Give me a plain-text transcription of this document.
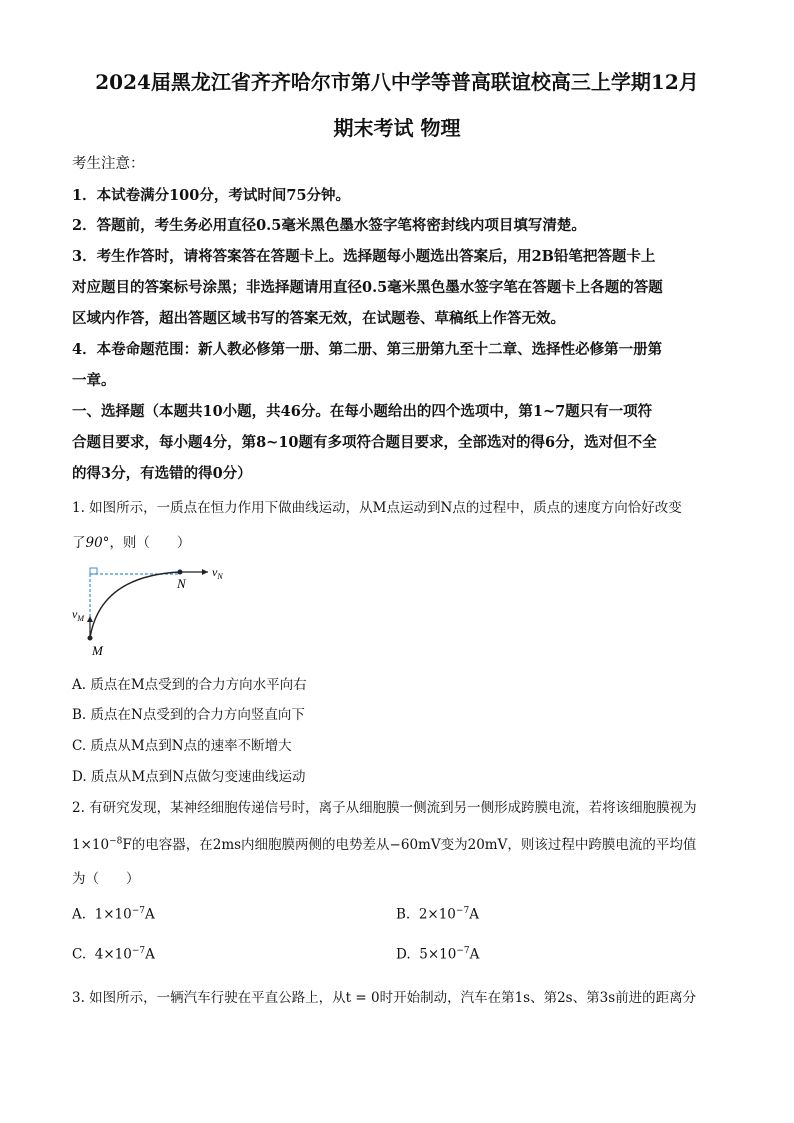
2024届黑龙江省齐齐哈尔市第八中学等普高联谊校高三上学期12月
期末考试 物理
考生注意：
1．本试卷满分100分，考试时间75分钟。
2．答题前，考生务必用直径0.5毫米黑色墨水签字笔将密封线内项目填写清楚。
3．考生作答时，请将答案答在答题卡上。选择题每小题选出答案后，用2B铅笔把答题卡上
对应题目的答案标号涂黑；非选择题请用直径0.5毫米黑色墨水签字笔在答题卡上各题的答题
区域内作答，超出答题区域书写的答案无效，在试题卷、草稿纸上作答无效。
4．本卷命题范围：新人教必修第一册、第二册、第三册第九至十二章、选择性必修第一册第
一章。
一、选择题（本题共10小题，共46分。在每小题给出的四个选项中，第1~7题只有一项符
合题目要求，每小题4分，第8~10题有多项符合题目要求，全部选对的得6分，选对但不全
的得3分，有选错的得0分）
1. 如图所示，一质点在恒力作用下做曲线运动，从M点运动到N点的过程中，质点的速度方向恰好改变
了90°，则（　　）
N
M
$v_N$
$v_M$
A. 质点在M点受到的合力方向水平向右
B. 质点在N点受到的合力方向竖直向下
C. 质点从M点到N点的速率不断增大
D. 质点从M点到N点做匀变速曲线运动
2. 有研究发现，某神经细胞传递信号时，离子从细胞膜一侧流到另一侧形成跨膜电流，若将该细胞膜视为
$1\times 10^{-8}F$的电容器，在2ms内细胞膜两侧的电势差从−60mV变为20mV，则该过程中跨膜电流的平均值
为（　　）
A. $1\times 10^{-7}A$	B. $2\times 10^{-7}A$
C. $4\times 10^{-7}A$	D. $5\times 10^{-7}A$
3. 如图所示，一辆汽车行驶在平直公路上，从t = 0时开始制动，汽车在第1s、第2s、第3s前进的距离分
